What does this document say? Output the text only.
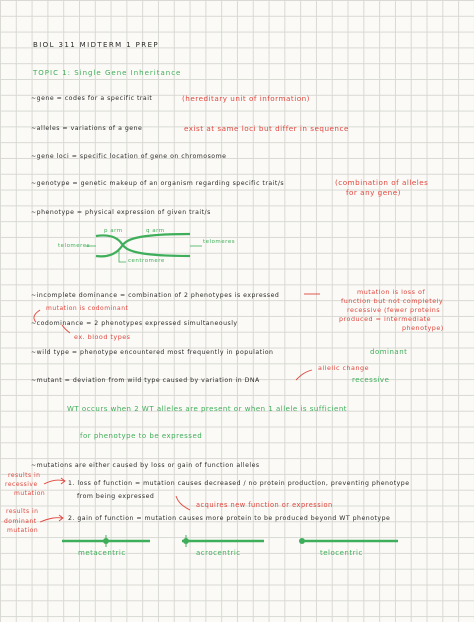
BIOL 311 MIDTERM 1 PREP
TOPIC 1: Single Gene Inheritance
~gene = codes for a specific trait	(hereditary unit of information)
~alleles = variations of a gene	exist at same loci but differ in sequence
~gene loci = specific location of gene on chromosome
~genotype = genetic makeup of an organism regarding specific trait/s	(combination of alleles
for any gene)
~phenotype = physical expression of given trait/s
p arm	q arm
telomeres
telomeres
centromere
~incomplete dominance = combination of 2 phenotypes is expressed
mutation is codominant
mutation is loss of
function but not completely
recessive (fewer proteins
produced = intermediate
phenotype)
~codominance = 2 phenotypes expressed simultaneously
ex. blood types
~wild type = phenotype encountered most frequently in population	dominant
allelic change
~mutant = deviation from wild type caused by variation in DNA	recessive
WT occurs when 2 WT alleles are present or when 1 allele is sufficient
for phenotype to be expressed
~mutations are either caused by loss or gain of function alleles
results in
recessive
mutation
1. loss of function = mutation causes decreased / no protein production, preventing phenotype
from being expressed
acquires new function or expression
results in
dominant
mutation
2. gain of function = mutation causes more protein to be produced beyond WT phenotype
metacentric	acrocentric	telocentric
